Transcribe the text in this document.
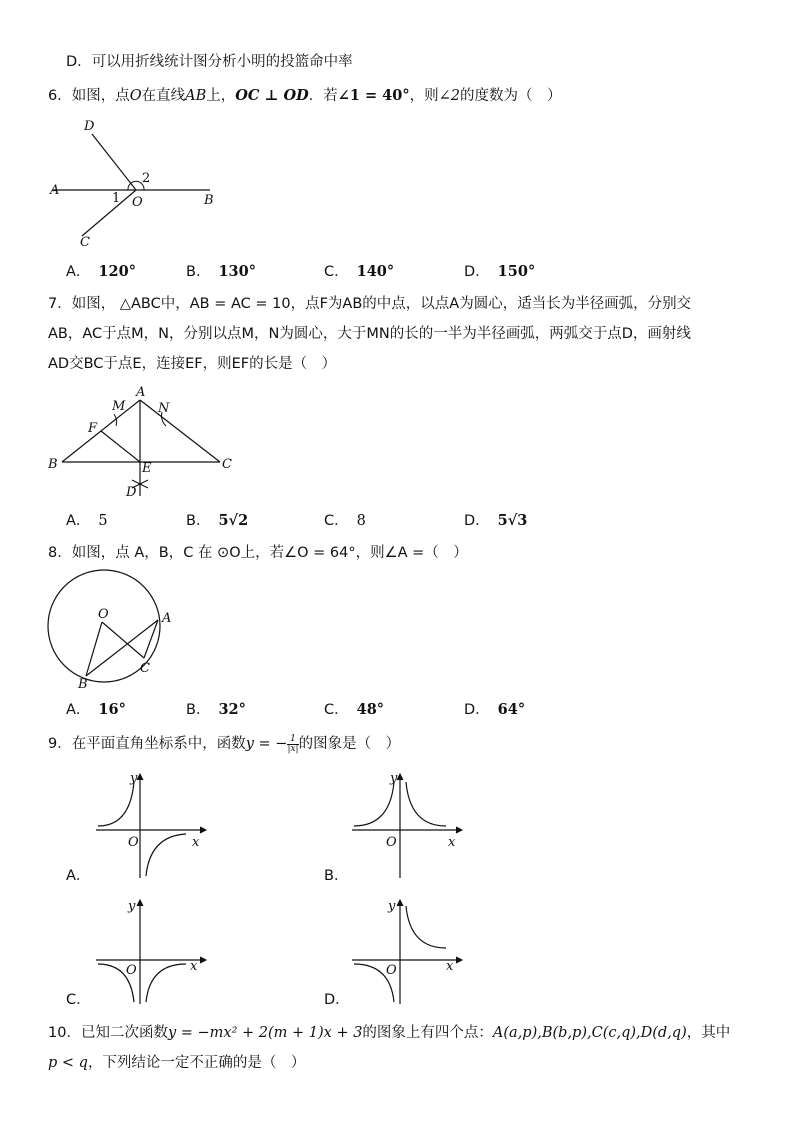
D．可以用折线统计图分析小明的投篮命中率
6．如图，点O在直线AB上，OC ⊥ OD．若∠1 = 40°，则∠2的度数为（　）
D
A
O	B
C
1
2
A． 120°	B． 130°	C． 140°	D． 150°
7．如图， △ABC中，AB = AC = 10，点F为AB的中点，以点A为圆心，适当长为半径画弧，分别交
AB，AC于点M，N，分别以点M，N为圆心，大于MN的长的一半为半径画弧，两弧交于点D，画射线
AD交BC于点E，连接EF，则EF的长是（　）
A
M	N
F
B	E	C
D
A． 5	B． 5√2	C． 8	D． 5√3
8．如图，点 A，B，C 在 ⊙O上，若∠O = 64°，则∠A =（　）
O	A
B
C
A． 16°	B． 32°	C． 48°	D． 64°
9．在平面直角坐标系中，函数y = − $\frac{1}{|x|}$ 的图象是（　）
y
x
O
A．
y
x
O
B．
y
x
O
C．
y
x
O
D．
10．已知二次函数y = −mx² + 2(m + 1)x + 3的图象上有四个点：A(a,p),B(b,p),C(c,q),D(d,q)，其中
p < q，下列结论一定不正确的是（　）
